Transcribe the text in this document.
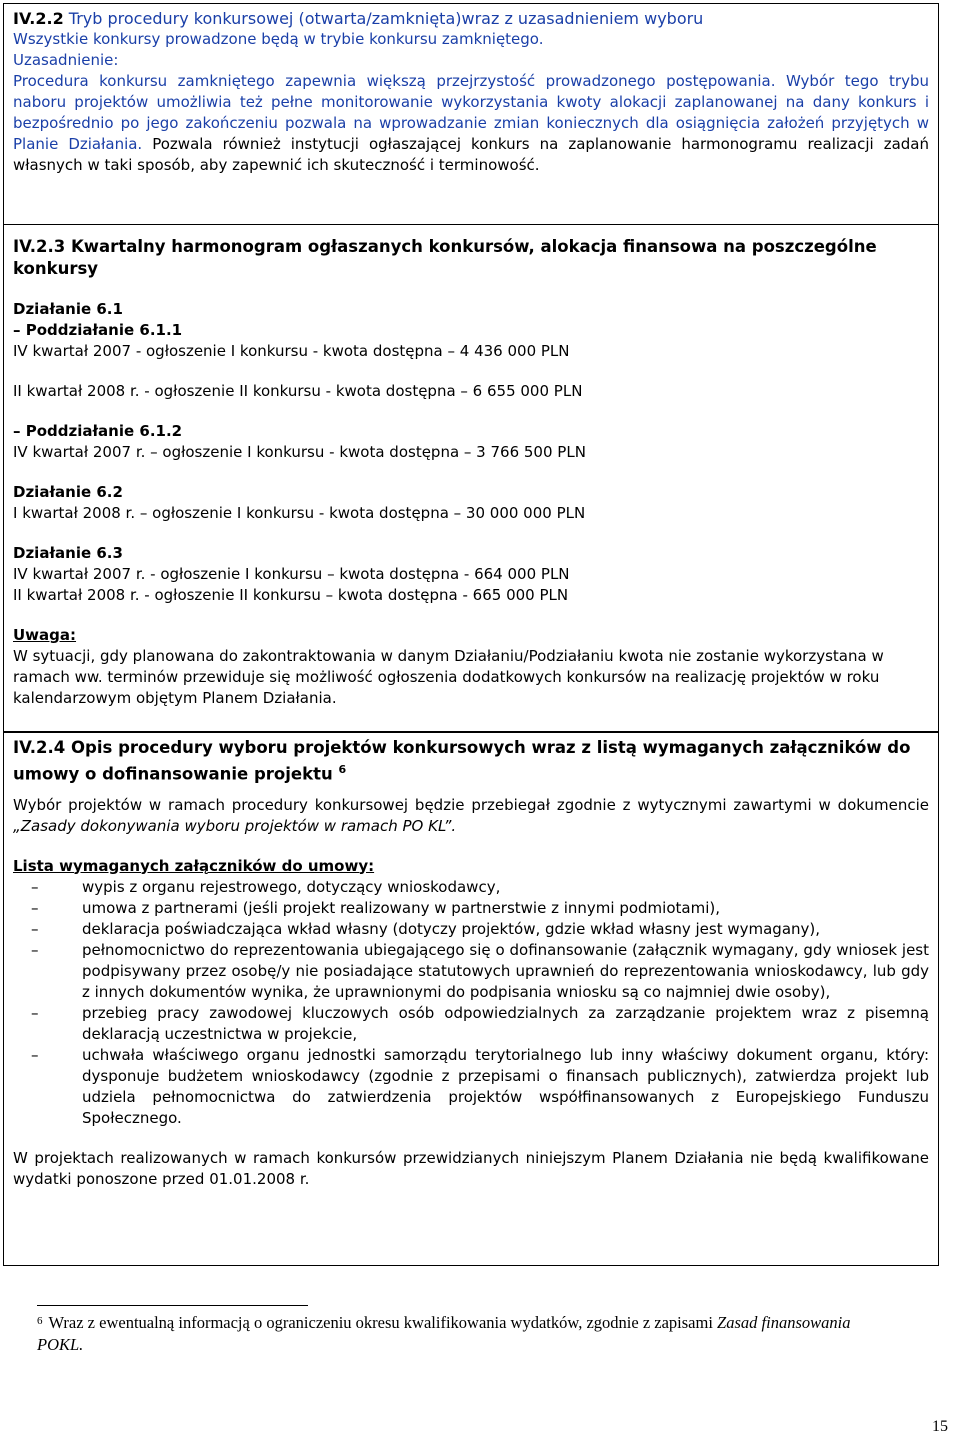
IV.2.2 Tryb procedury konkursowej (otwarta/zamknięta)wraz z uzasadnieniem wyboru

Wszystkie konkursy prowadzone będą w trybie konkursu zamkniętego.

Uzasadnienie:

Procedura konkursu zamkniętego zapewnia większą przejrzystość prowadzonego postępowania. Wybór tego trybu naboru projektów umożliwia też pełne monitorowanie wykorzystania kwoty alokacji zaplanowanej na dany konkurs i bezpośrednio po jego zakończeniu pozwala na wprowadzanie zmian koniecznych dla osiągnięcia założeń przyjętych w Planie Działania. Pozwala również instytucji ogłaszającej konkurs na zaplanowanie harmonogramu realizacji zadań własnych w taki sposób, aby zapewnić ich skuteczność i terminowość.

IV.2.3 Kwartalny harmonogram ogłaszanych konkursów, alokacja finansowa na poszczególne konkursy

Działanie 6.1

– Poddziałanie 6.1.1

IV kwartał 2007 - ogłoszenie I konkursu - kwota dostępna – 4 436 000 PLN

II kwartał 2008 r. - ogłoszenie II konkursu - kwota dostępna – 6 655 000 PLN

– Poddziałanie 6.1.2

IV kwartał 2007 r. – ogłoszenie I konkursu - kwota dostępna – 3 766 500 PLN

Działanie 6.2

I kwartał 2008 r. – ogłoszenie I konkursu - kwota dostępna – 30 000 000 PLN

Działanie 6.3

IV kwartał 2007 r. - ogłoszenie I konkursu – kwota dostępna - 664 000 PLN

II kwartał 2008 r. - ogłoszenie II konkursu – kwota dostępna - 665 000 PLN

Uwaga:

W sytuacji, gdy planowana do zakontraktowania w danym Działaniu/Podziałaniu kwota nie zostanie wykorzystana w ramach ww. terminów przewiduje się możliwość ogłoszenia dodatkowych konkursów na realizację projektów w roku kalendarzowym objętym Planem Działania.

IV.2.4 Opis procedury wyboru projektów konkursowych wraz z listą wymaganych załączników do umowy o dofinansowanie projektu $^6$

Wybór projektów w ramach procedury konkursowej będzie przebiegał zgodnie z wytycznymi zawartymi w dokumencie „Zasady dokonywania wyboru projektów w ramach PO KL”.

Lista wymaganych załączników do umowy:

–	wypis z organu rejestrowego, dotyczący wnioskodawcy,
–	umowa z partnerami (jeśli projekt realizowany w partnerstwie z innymi podmiotami),
–	deklaracja poświadczająca wkład własny (dotyczy projektów, gdzie wkład własny jest wymagany),
–	pełnomocnictwo do reprezentowania ubiegającego się o dofinansowanie (załącznik wymagany, gdy wniosek jest podpisywany przez osobę/y nie posiadające statutowych uprawnień do reprezentowania wnioskodawcy, lub gdy z innych dokumentów wynika, że uprawnionymi do podpisania wniosku są co najmniej dwie osoby),
–	przebieg pracy zawodowej kluczowych osób odpowiedzialnych za zarządzanie projektem wraz z pisemną deklaracją uczestnictwa w projekcie,
–	uchwała właściwego organu jednostki samorządu terytorialnego lub inny właściwy dokument organu, który: dysponuje budżetem wnioskodawcy (zgodnie z przepisami o finansach publicznych), zatwierdza projekt lub udziela pełnomocnictwa do zatwierdzenia projektów współfinansowanych z Europejskiego Funduszu Społecznego.

W projektach realizowanych w ramach konkursów przewidzianych niniejszym Planem Działania nie będą kwalifikowane wydatki ponoszone przed 01.01.2008 r.

$^6$ Wraz z ewentualną informacją o ograniczeniu okresu kwalifikowania wydatków, zgodnie z zapisami Zasad finansowania POKL.
15
